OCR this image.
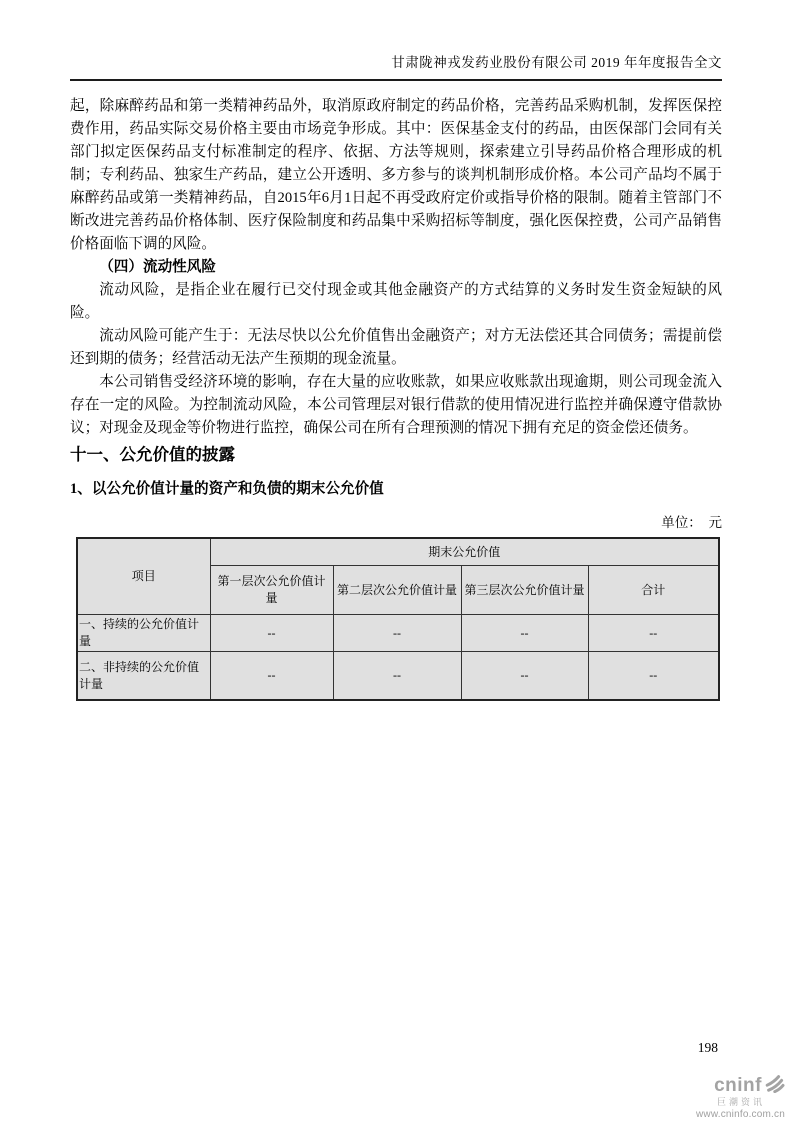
甘肃陇神戎发药业股份有限公司 2019 年年度报告全文

起，除麻醉药品和第一类精神药品外，取消原政府制定的药品价格，完善药品采购机制，发挥医保控费作用，药品实际交易价格主要由市场竞争形成。其中：医保基金支付的药品，由医保部门会同有关部门拟定医保药品支付标准制定的程序、依据、方法等规则，探索建立引导药品价格合理形成的机制；专利药品、独家生产药品，建立公开透明、多方参与的谈判机制形成价格。本公司产品均不属于麻醉药品或第一类精神药品，自2015年6月1日起不再受政府定价或指导价格的限制。随着主管部门不断改进完善药品价格体制、医疗保险制度和药品集中采购招标等制度，强化医保控费，公司产品销售价格面临下调的风险。

（四）流动性风险

流动风险，是指企业在履行已交付现金或其他金融资产的方式结算的义务时发生资金短缺的风险。

流动风险可能产生于：无法尽快以公允价值售出金融资产；对方无法偿还其合同债务；需提前偿还到期的债务；经营活动无法产生预期的现金流量。

本公司销售受经济环境的影响，存在大量的应收账款，如果应收账款出现逾期，则公司现金流入存在一定的风险。为控制流动风险，本公司管理层对银行借款的使用情况进行监控并确保遵守借款协议；对现金及现金等价物进行监控，确保公司在所有合理预测的情况下拥有充足的资金偿还债务。

十一、公允价值的披露
1、以公允价值计量的资产和负债的期末公允价值
单位：　元
项目	期末公允价值			
	第一层次公允价值计量	第二层次公允价值计量	第三层次公允价值计量	合计
一、持续的公允价值计量	--	--	--	--
二、非持续的公允价值计量	--	--	--	--
198
cninf
巨潮资讯
www.cninfo.com.cn
